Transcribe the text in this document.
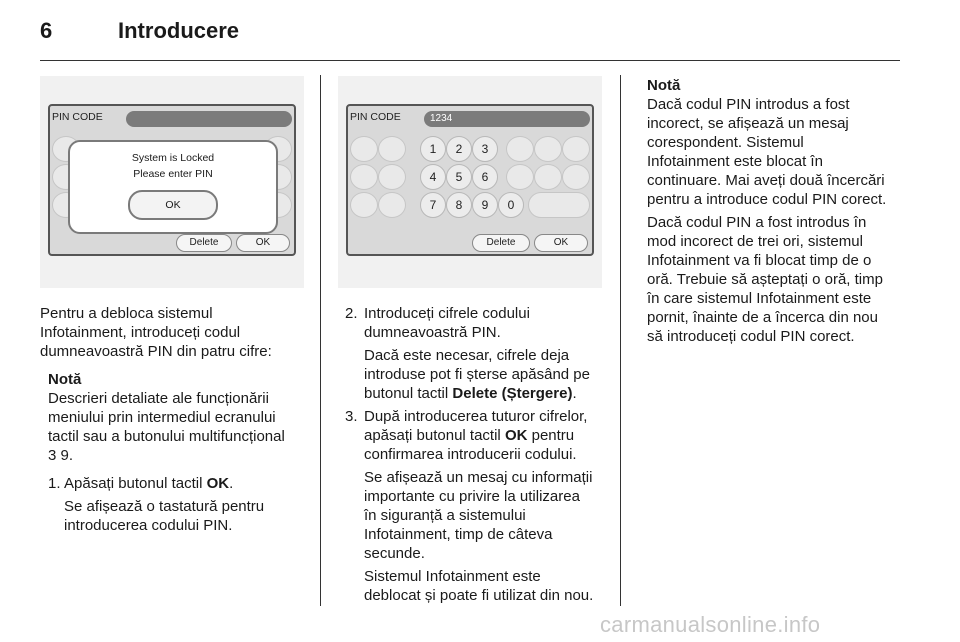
6	Introducere
PIN CODE
System is Locked
Please enter PIN
OK
Delete	OK
PIN CODE	1234
1	2	3
4	5	6
7	8	9	0
Delete	OK
Pentru a debloca sistemul
Infotainment, introduceți codul
dumneavoastră PIN din patru cifre:
Notă
Descrieri detaliate ale funcționării
meniului prin intermediul ecranului
tactil sau a butonului multifuncțional
3 9.
1. Apăsați butonul tactil OK.
Se afișează o tastatură pentru
introducerea codului PIN.
2. Introduceți cifrele codului
dumneavoastră PIN.
Dacă este necesar, cifrele deja
introduse pot fi șterse apăsând pe
butonul tactil Delete (Ștergere).
3. După introducerea tuturor cifrelor,
apăsați butonul tactil OK pentru
confirmarea introducerii codului.
Se afișează un mesaj cu informații
importante cu privire la utilizarea
în siguranță a sistemului
Infotainment, timp de câteva
secunde.
Sistemul Infotainment este
deblocat și poate fi utilizat din nou.
Notă
Dacă codul PIN introdus a fost
incorect, se afișează un mesaj
corespondent. Sistemul
Infotainment este blocat în
continuare. Mai aveți două încercări
pentru a introduce codul PIN corect.
Dacă codul PIN a fost introdus în
mod incorect de trei ori, sistemul
Infotainment va fi blocat timp de o
oră. Trebuie să așteptați o oră, timp
în care sistemul Infotainment este
pornit, înainte de a încerca din nou
să introduceți codul PIN corect.
carmanualsonline.info
